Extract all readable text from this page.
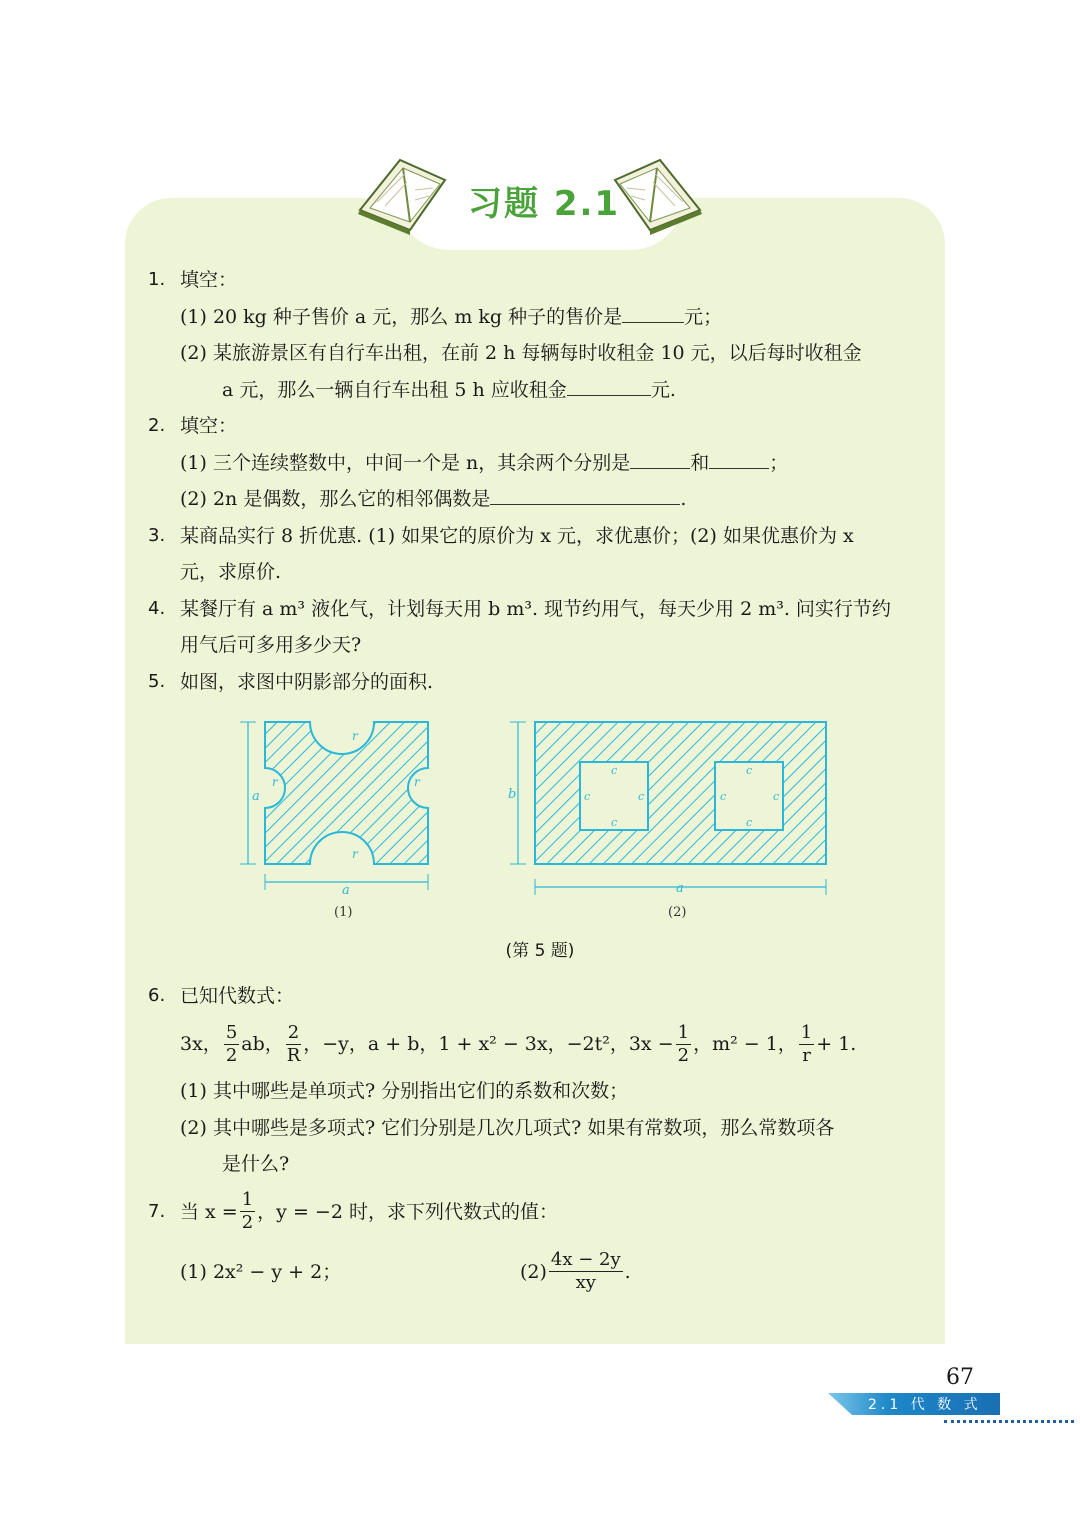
习题 2.1
1. 填空：
(1) 20 kg 种子售价 a 元，那么 m kg 种子的售价是	元；
(2) 某旅游景区有自行车出租，在前 2 h 每辆每时收租金 10 元，以后每时收租金
a 元，那么一辆自行车出租 5 h 应收租金	元.
2. 填空：
(1) 三个连续整数中，中间一个是 n，其余两个分别是	和	；
(2) 2n 是偶数，那么它的相邻偶数是	.
3. 某商品实行 8 折优惠. (1) 如果它的原价为 x 元，求优惠价；(2) 如果优惠价为 x
元，求原价.
4. 某餐厅有 a m³ 液化气，计划每天用 b m³. 现节约用气，每天少用 2 m³. 问实行节约
用气后可多用多少天?
5. 如图，求图中阴影部分的面积.
a
a
r	r
r
r
(1)
b
a
c
c	c
c
c
c	c
c
(2)
(第 5 题)
6. 已知代数式：
3x， $\frac{5}{2}$ ab， $\frac{2}{R}$ ，−y，a + b，1 + x² − 3x，−2t²，$3x - \frac{1}{2}$ ，m² − 1， $\frac{1}{r} + 1$.
(1) 其中哪些是单项式? 分别指出它们的系数和次数；
(2) 其中哪些是多项式? 它们分别是几次几项式? 如果有常数项，那么常数项各
是什么?
7. 当 $x = \frac{1}{2}$ ，y = −2 时，求下列代数式的值：
(1) 2x² − y + 2；	$(2) \frac{4x - 2y}{xy}$ .
67
2.1 代 数 式
